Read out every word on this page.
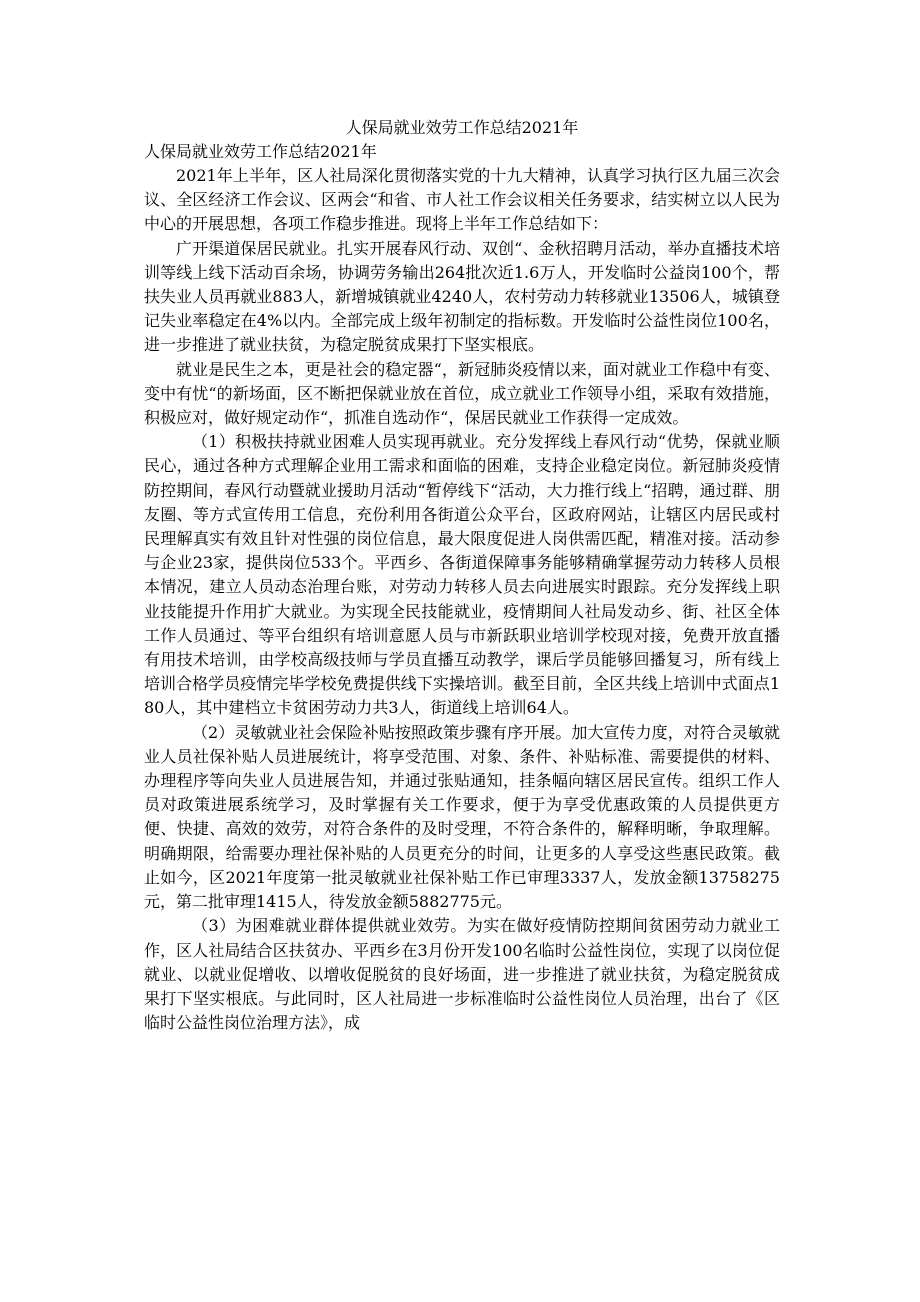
人保局就业效劳工作总结2021年
人保局就业效劳工作总结2021年

2021年上半年，区人社局深化贯彻落实党的十九大精神，认真学习执行区九届三次会议、全区经济工作会议、区两会“和省、市人社工作会议相关任务要求，结实树立以人民为中心的开展思想，各项工作稳步推进。现将上半年工作总结如下：

广开渠道保居民就业。扎实开展春风行动、双创“、金秋招聘月活动，举办直播技术培训等线上线下活动百余场，协调劳务输出264批次近1.6万人，开发临时公益岗100个，帮扶失业人员再就业883人，新增城镇就业4240人，农村劳动力转移就业13506人，城镇登记失业率稳定在4%以内。全部完成上级年初制定的指标数。开发临时公益性岗位100名，进一步推进了就业扶贫，为稳定脱贫成果打下坚实根底。

就业是民生之本，更是社会的稳定器“，新冠肺炎疫情以来，面对就业工作稳中有变、变中有忧“的新场面，区不断把保就业放在首位，成立就业工作领导小组，采取有效措施，积极应对，做好规定动作“，抓准自选动作“，保居民就业工作获得一定成效。

（1）积极扶持就业困难人员实现再就业。充分发挥线上春风行动“优势，保就业顺民心，通过各种方式理解企业用工需求和面临的困难，支持企业稳定岗位。新冠肺炎疫情防控期间，春风行动暨就业援助月活动“暂停线下“活动，大力推行线上“招聘，通过群、朋友圈、等方式宣传用工信息，充份利用各街道公众平台，区政府网站，让辖区内居民或村民理解真实有效且针对性强的岗位信息，最大限度促进人岗供需匹配，精准对接。活动参与企业23家，提供岗位533个。平西乡、各街道保障事务能够精确掌握劳动力转移人员根本情况，建立人员动态治理台账，对劳动力转移人员去向进展实时跟踪。充分发挥线上职业技能提升作用扩大就业。为实现全民技能就业，疫情期间人社局发动乡、街、社区全体工作人员通过、等平台组织有培训意愿人员与市新跃职业培训学校现对接，免费开放直播有用技术培训，由学校高级技师与学员直播互动教学，课后学员能够回播复习，所有线上培训合格学员疫情完毕学校免费提供线下实操培训。截至目前，全区共线上培训中式面点180人，其中建档立卡贫困劳动力共3人，街道线上培训64人。

（2）灵敏就业社会保险补贴按照政策步骤有序开展。加大宣传力度，对符合灵敏就业人员社保补贴人员进展统计，将享受范围、对象、条件、补贴标准、需要提供的材料、办理程序等向失业人员进展告知，并通过张贴通知，挂条幅向辖区居民宣传。组织工作人员对政策进展系统学习，及时掌握有关工作要求，便于为享受优惠政策的人员提供更方便、快捷、高效的效劳，对符合条件的及时受理，不符合条件的，解释明晰，争取理解。明确期限，给需要办理社保补贴的人员更充分的时间，让更多的人享受这些惠民政策。截止如今，区2021年度第一批灵敏就业社保补贴工作已审理3337人，发放金额13758275元，第二批审理1415人，待发放金额5882775元。

（3）为困难就业群体提供就业效劳。为实在做好疫情防控期间贫困劳动力就业工作，区人社局结合区扶贫办、平西乡在3月份开发100名临时公益性岗位，实现了以岗位促就业、以就业促增收、以增收促脱贫的良好场面，进一步推进了就业扶贫，为稳定脱贫成果打下坚实根底。与此同时，区人社局进一步标准临时公益性岗位人员治理，出台了《区临时公益性岗位治理方法》，成
